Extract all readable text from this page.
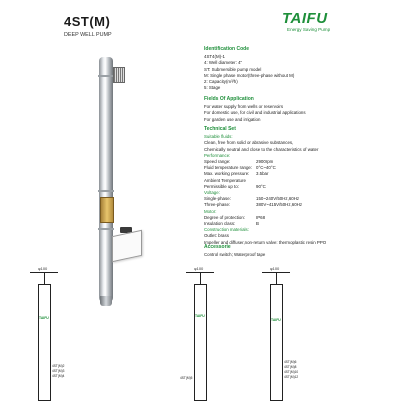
4ST(M)
DEEP WELL PUMP
TAIFU
Energy Saving Pump
Identification Code
4ST4(M)-1
4: Well diameter: 4"
ST: Submersible pump model
M: Single phase motor(three-phase without M)
2: Capacity(m³/h)
5: Stage
Fields Of Application
For water supply from wells or reservoirs
For domestic use, for civil and industrial applications
For garden use and irrigation
Technical Set
Suitable fluids:
Clean, free from solid or abrasive substances,
Chemically neutral and close to the characteristics of water
Performance:
Speed range:	2900rpm
Fluid temperature range: 0°C~40°C
Max. working pressure:	3.5bar
Ambient Temperature
Permissible up to:	90°C
Voltage:
Single-phase:	150~240V/50Hz,60Hz
Three-phase:	380V~415V/50Hz,60Hz
Motor:
Degree of protection:	IP68
Insulation class:	B
Construction materials:
Outlet: brass
Impeller and diffuser,non-return valve: thermoplastic resin PPO
Accessorie
Control switch; Waterproof tape
φ100
TAIFU
4ST(M)2
4ST(M)3
4ST(M)4
φ100
TAIFU
4ST(M)5
φ100
TAIFU
4ST(M)6
4ST(M)8
4ST(M)10
4ST(M)12
